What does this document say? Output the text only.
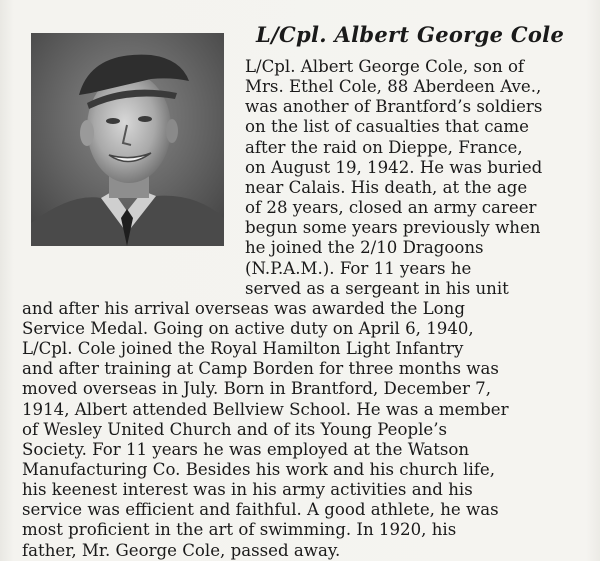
L/Cpl. Albert George Cole
L/Cpl. Albert George Cole, son of
Mrs. Ethel Cole, 88 Aberdeen Ave.,
was another of Brantford’s soldiers
on the list of casualties that came
after the raid on Dieppe, France,
on August 19, 1942. He was buried
near Calais. His death, at the age
of 28 years, closed an army career
begun some years previously when
he joined the 2/10 Dragoons
(N.P.A.M.). For 11 years he
served as a sergeant in his unit
and after his arrival overseas was awarded the Long
Service Medal. Going on active duty on April 6, 1940,
L/Cpl. Cole joined the Royal Hamilton Light Infantry
and after training at Camp Borden for three months was
moved overseas in July. Born in Brantford, December 7,
1914, Albert attended Bellview School. He was a member
of Wesley United Church and of its Young People’s
Society. For 11 years he was employed at the Watson
Manufacturing Co. Besides his work and his church life,
his keenest interest was in his army activities and his
service was efficient and faithful. A good athlete, he was
most proficient in the art of swimming. In 1920, his
father, Mr. George Cole, passed away.
